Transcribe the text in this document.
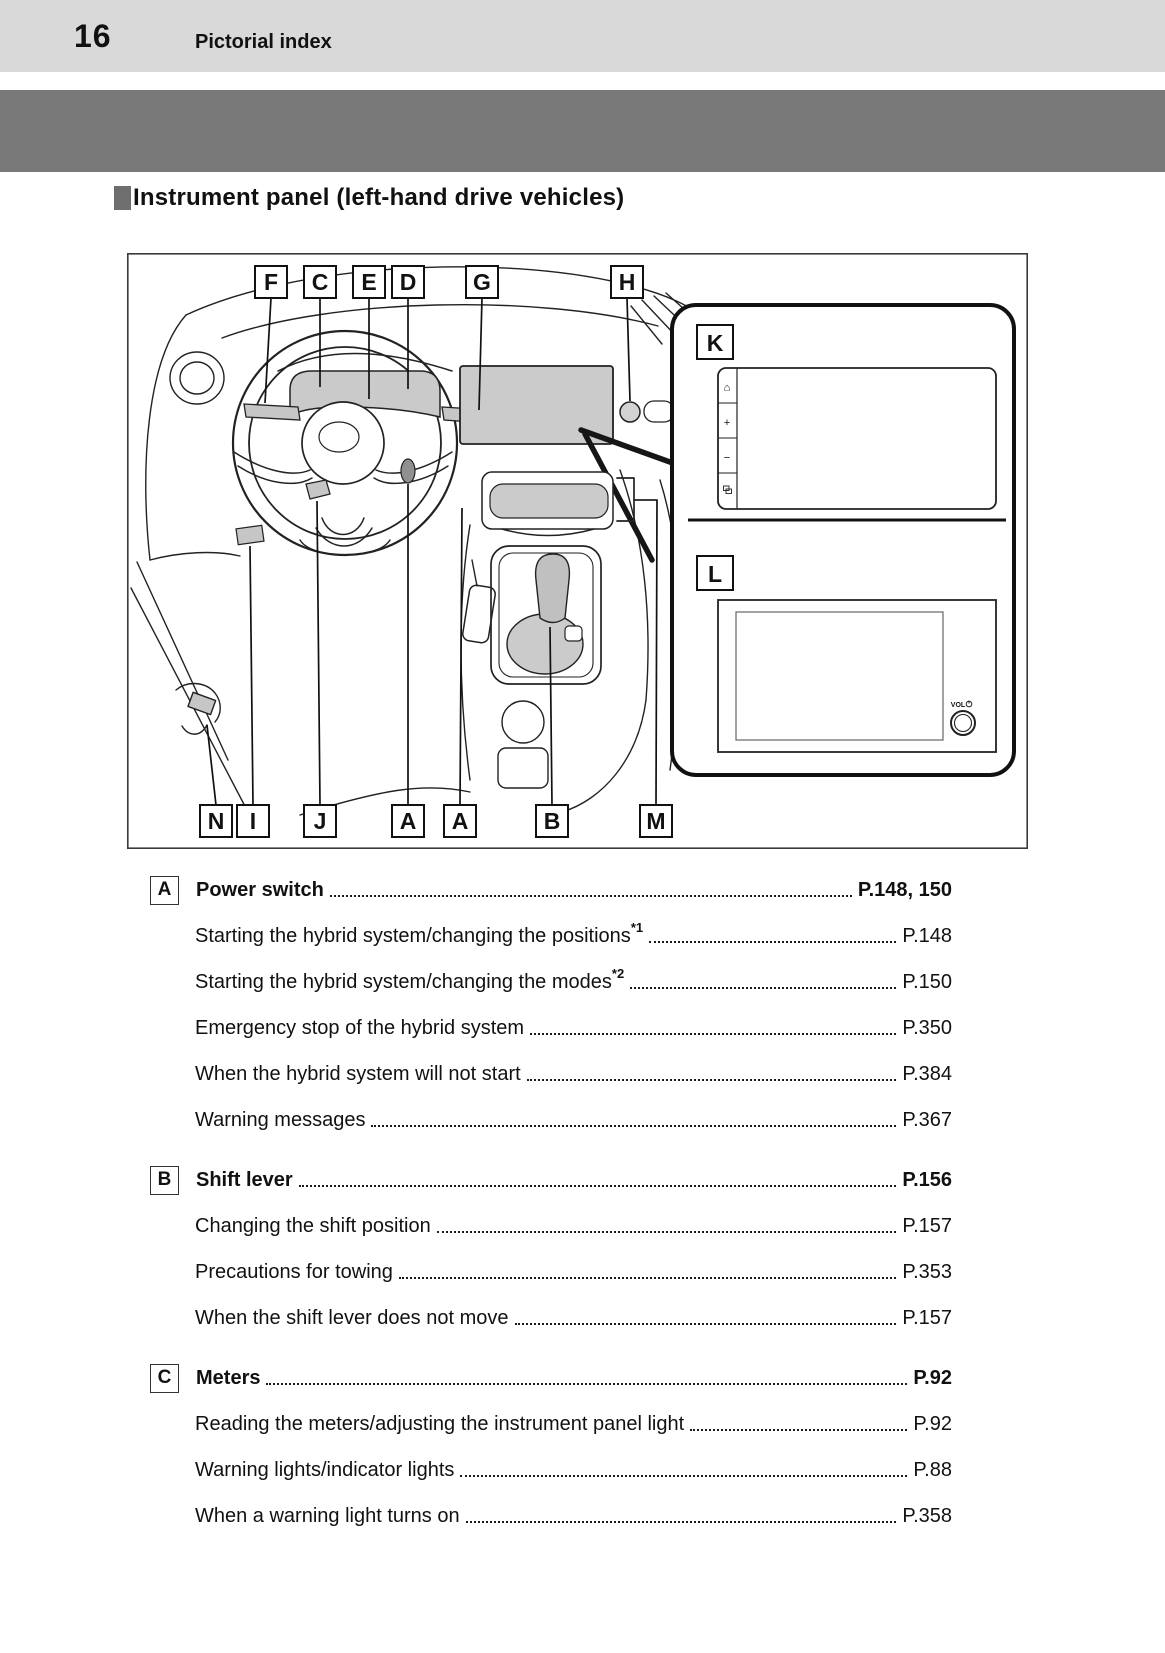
16	Pictorial index
Instrument panel (left-hand drive vehicles)
K
⌂
+
−
L
VOL
F C E D G	H
N I J	A A	B	M
A	Power switch	P.148, 150
Starting the hybrid system/changing the positions$^{*1}$	P.148
Starting the hybrid system/changing the modes$^{*2}$	P.150
Emergency stop of the hybrid system	P.350
When the hybrid system will not start	P.384
Warning messages	P.367
B	Shift lever	P.156
Changing the shift position	P.157
Precautions for towing	P.353
When the shift lever does not move	P.157
C	Meters	P.92
Reading the meters/adjusting the instrument panel light	P.92
Warning lights/indicator lights	P.88
When a warning light turns on	P.358
